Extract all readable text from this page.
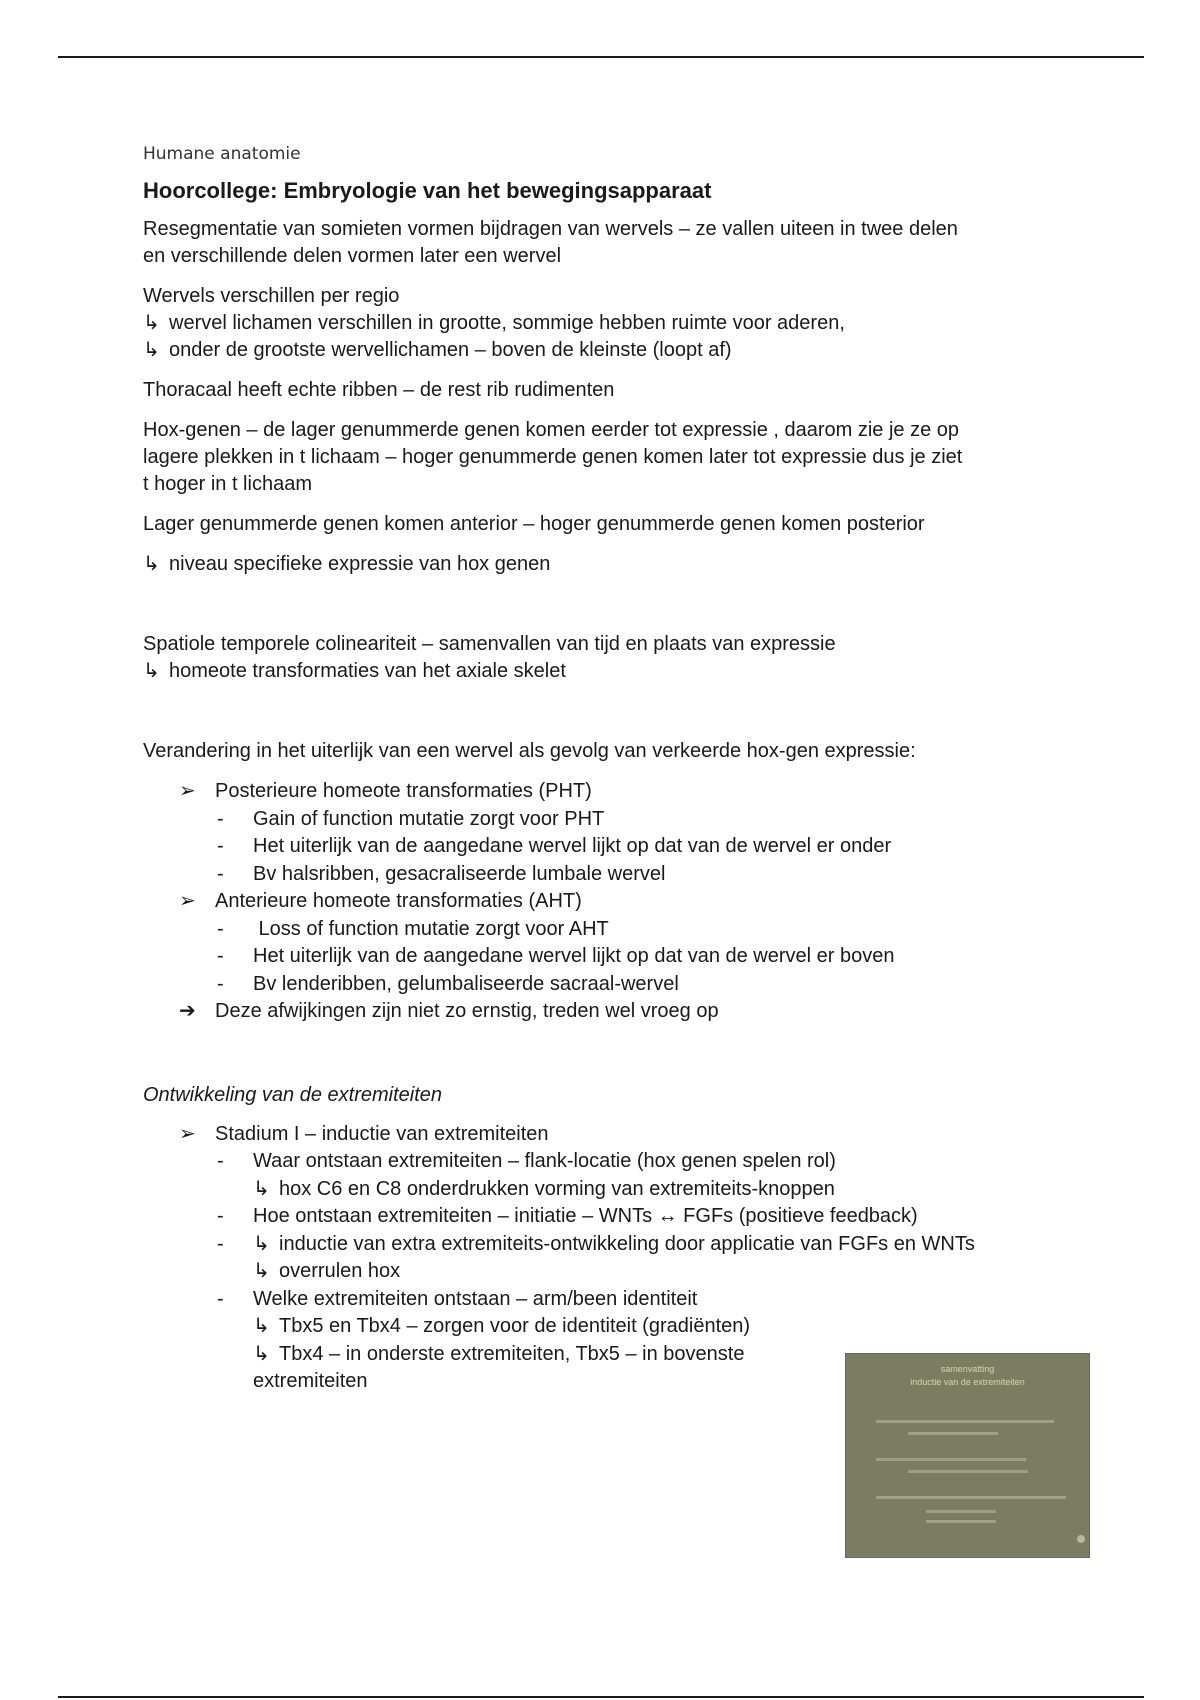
Humane anatomie
Hoorcollege: Embryologie van het bewegingsapparaat

Resegmentatie van somieten vormen bijdragen van wervels – ze vallen uiteen in twee delen
en verschillende delen vormen later een wervel

Wervels verschillen per regio
↳ wervel lichamen verschillen in grootte, sommige hebben ruimte voor aderen,
↳ onder de grootste wervellichamen – boven de kleinste (loopt af)

Thoracaal heeft echte ribben – de rest rib rudimenten

Hox-genen – de lager genummerde genen komen eerder tot expressie , daarom zie je ze op
lagere plekken in t lichaam – hoger genummerde genen komen later tot expressie dus je ziet
t hoger in t lichaam

Lager genummerde genen komen anterior – hoger genummerde genen komen posterior

↳ niveau specifieke expressie van hox genen

Spatiole temporele colineariteit – samenvallen van tijd en plaats van expressie
↳ homeote transformaties van het axiale skelet

Verandering in het uiterlijk van een wervel als gevolg van verkeerde hox-gen expressie:

➢ Posterieure homeote transformaties (PHT)
- Gain of function mutatie zorgt voor PHT
- Het uiterlijk van de aangedane wervel lijkt op dat van de wervel er onder
- Bv halsribben, gesacraliseerde lumbale wervel
➢ Anterieure homeote transformaties (AHT)
- Loss of function mutatie zorgt voor AHT
- Het uiterlijk van de aangedane wervel lijkt op dat van de wervel er boven
- Bv lenderibben, gelumbaliseerde sacraal-wervel
➔ Deze afwijkingen zijn niet zo ernstig, treden wel vroeg op
Ontwikkeling van de extremiteiten
➢ Stadium I – inductie van extremiteiten
- Waar ontstaan extremiteiten – flank-locatie (hox genen spelen rol)
↳ hox C6 en C8 onderdrukken vorming van extremiteits-knoppen
- Hoe ontstaan extremiteiten – initiatie – WNTs ↔ FGFs (positieve feedback)
- ↳ inductie van extra extremiteits-ontwikkeling door applicatie van FGFs en WNTs
↳ overrulen hox
- Welke extremiteiten ontstaan – arm/been identiteit
↳ Tbx5 en Tbx4 – zorgen voor de identiteit (gradiënten)
↳ Tbx4 – in onderste extremiteiten, Tbx5 – in bovenste
extremiteiten
samenvatting
inductie van de extremiteiten
